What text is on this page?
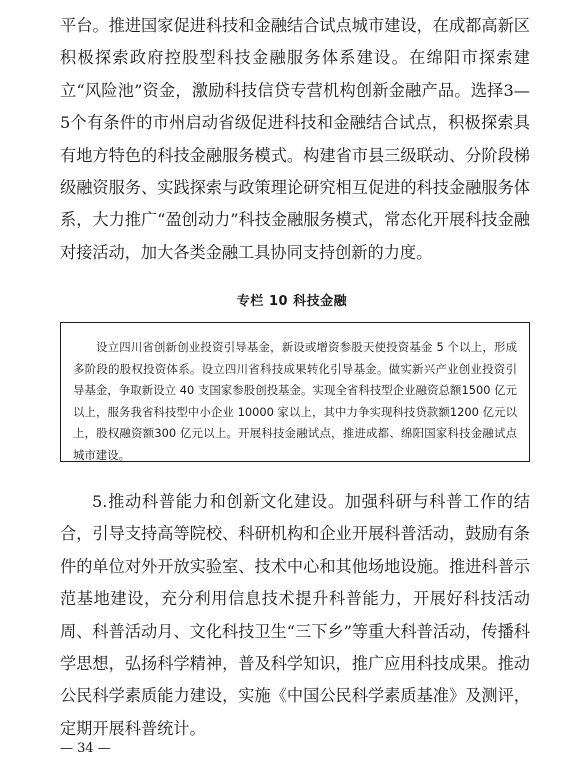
平台。推进国家促进科技和金融结合试点城市建设，在成都高新区积极探索政府控股型科技金融服务体系建设。在绵阳市探索建立“风险池”资金，激励科技信贷专营机构创新金融产品。选择3—5个有条件的市州启动省级促进科技和金融结合试点，积极探索具有地方特色的科技金融服务模式。构建省市县三级联动、分阶段梯级融资服务、实践探索与政策理论研究相互促进的科技金融服务体系，大力推广“盈创动力”科技金融服务模式，常态化开展科技金融对接活动，加大各类金融工具协同支持创新的力度。

专栏 10 科技金融

设立四川省创新创业投资引导基金，新设或增资参股天使投资基金 5 个以上，形成多阶段的股权投资体系。设立四川省科技成果转化引导基金。做实新兴产业创业投资引导基金，争取新设立 40 支国家参股创投基金。实现全省科技型企业融资总额1500 亿元以上，服务我省科技型中小企业 10000 家以上，其中力争实现科技贷款额1200 亿元以上，股权融资额300 亿元以上。开展科技金融试点，推进成都、绵阳国家科技金融试点城市建设。

5.推动科普能力和创新文化建设。加强科研与科普工作的结合，引导支持高等院校、科研机构和企业开展科普活动，鼓励有条件的单位对外开放实验室、技术中心和其他场地设施。推进科普示范基地建设，充分利用信息技术提升科普能力，开展好科技活动周、科普活动月、文化科技卫生“三下乡”等重大科普活动，传播科学思想，弘扬科学精神，普及科学知识，推广应用科技成果。推动公民科学素质能力建设，实施《中国公民科学素质基准》及测评，定期开展科普统计。

— 34 —
